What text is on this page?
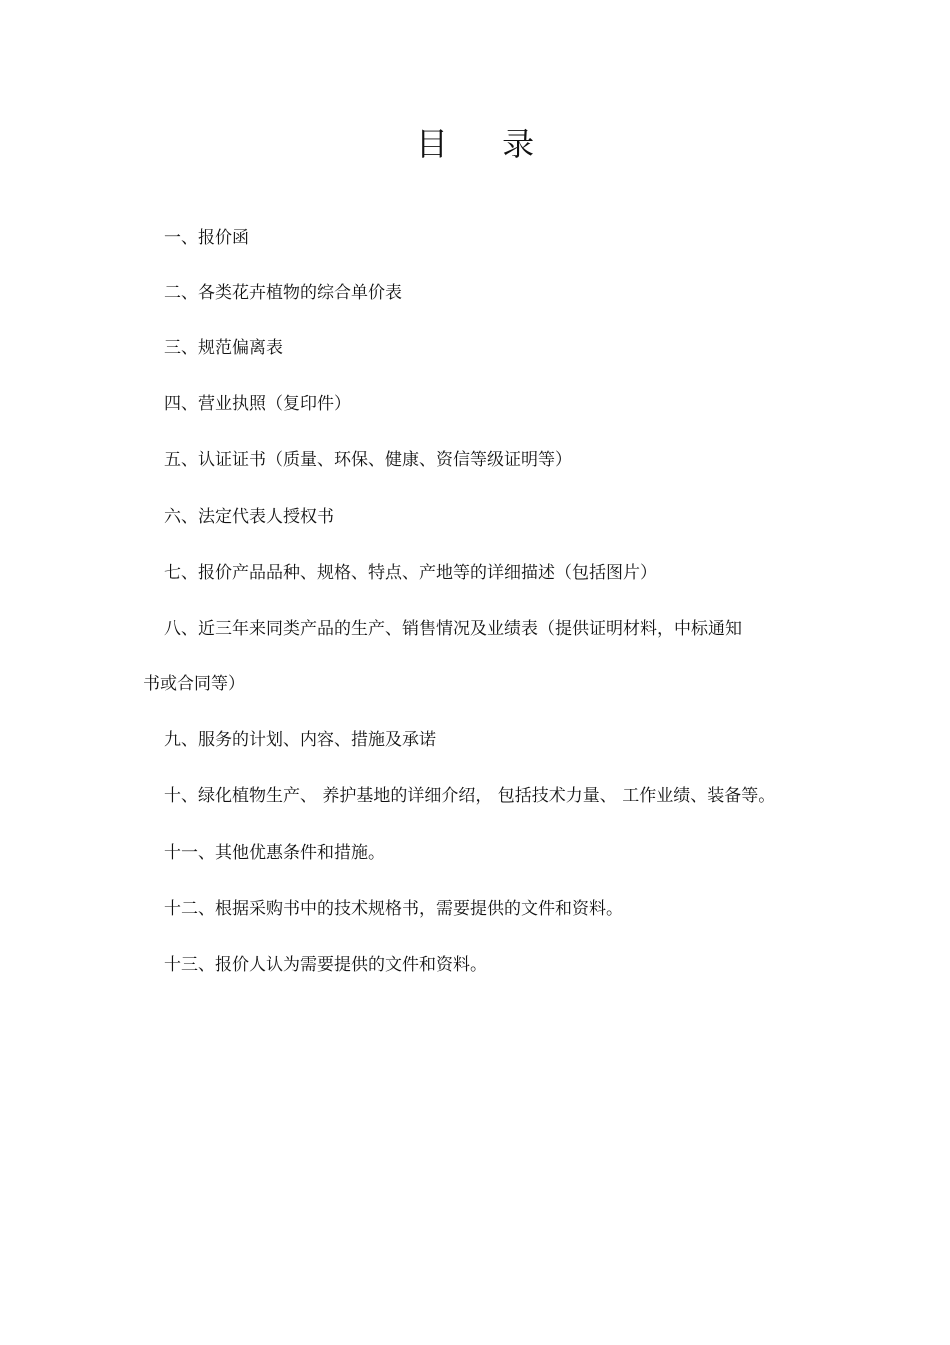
目 录
一、报价函
二、各类花卉植物的综合单价表
三、规范偏离表
四、营业执照（复印件）
五、认证证书（质量、环保、健康、资信等级证明等）
六、法定代表人授权书
七、报价产品品种、规格、特点、产地等的详细描述（包括图片）
八、近三年来同类产品的生产、销售情况及业绩表（提供证明材料，中标通知
书或合同等）
九、服务的计划、内容、措施及承诺
十、绿化植物生产、 养护基地的详细介绍， 包括技术力量、 工作业绩、装备等。
十一、其他优惠条件和措施。
十二、根据采购书中的技术规格书，需要提供的文件和资料。
十三、报价人认为需要提供的文件和资料。
